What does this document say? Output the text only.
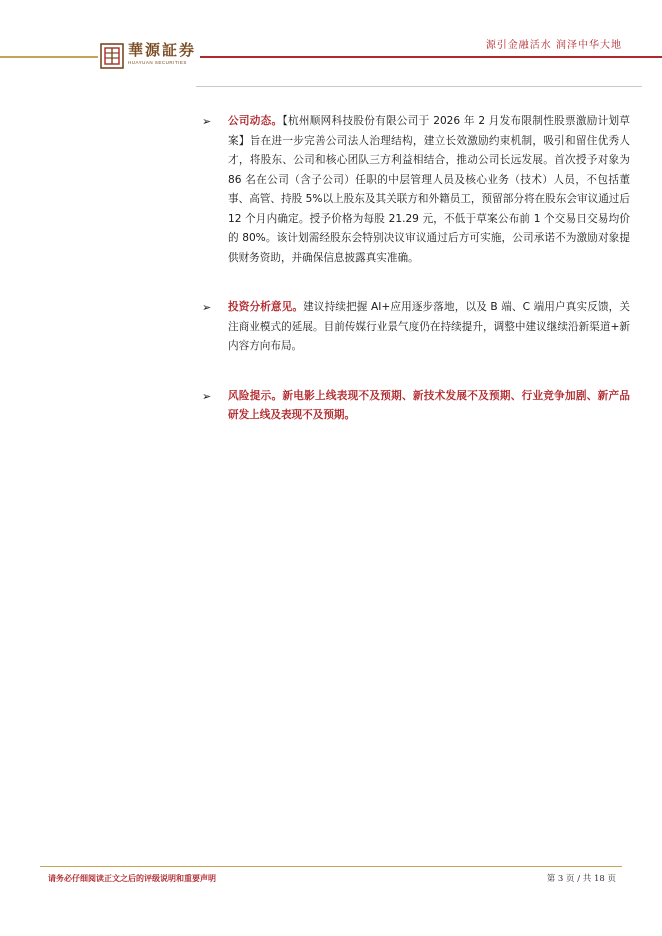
源引金融活水 润泽中华大地
華源証券
HUAYUAN SECURITIES
➢ 公司动态。【杭州顺网科技股份有限公司于 2026 年 2 月发布限制性股票激励计划草案】旨在进一步完善公司法人治理结构，建立长效激励约束机制，吸引和留住优秀人才，将股东、公司和核心团队三方利益相结合，推动公司长远发展。首次授予对象为 86 名在公司（含子公司）任职的中层管理人员及核心业务（技术）人员，不包括董事、高管、持股 5%以上股东及其关联方和外籍员工，预留部分将在股东会审议通过后 12 个月内确定。授予价格为每股 21.29 元，不低于草案公布前 1 个交易日交易均价的 80%。该计划需经股东会特别决议审议通过后方可实施，公司承诺不为激励对象提供财务资助，并确保信息披露真实准确。
➢ 投资分析意见。建议持续把握 AI+应用逐步落地，以及 B 端、C 端用户真实反馈，关注商业模式的延展。目前传媒行业景气度仍在持续提升，调整中建议继续沿新渠道+新内容方向布局。
➢ 风险提示。新电影上线表现不及预期、新技术发展不及预期、行业竞争加剧、新产品研发上线及表现不及预期。
请务必仔细阅读正文之后的评级说明和重要声明	第 3 页 / 共 18 页
